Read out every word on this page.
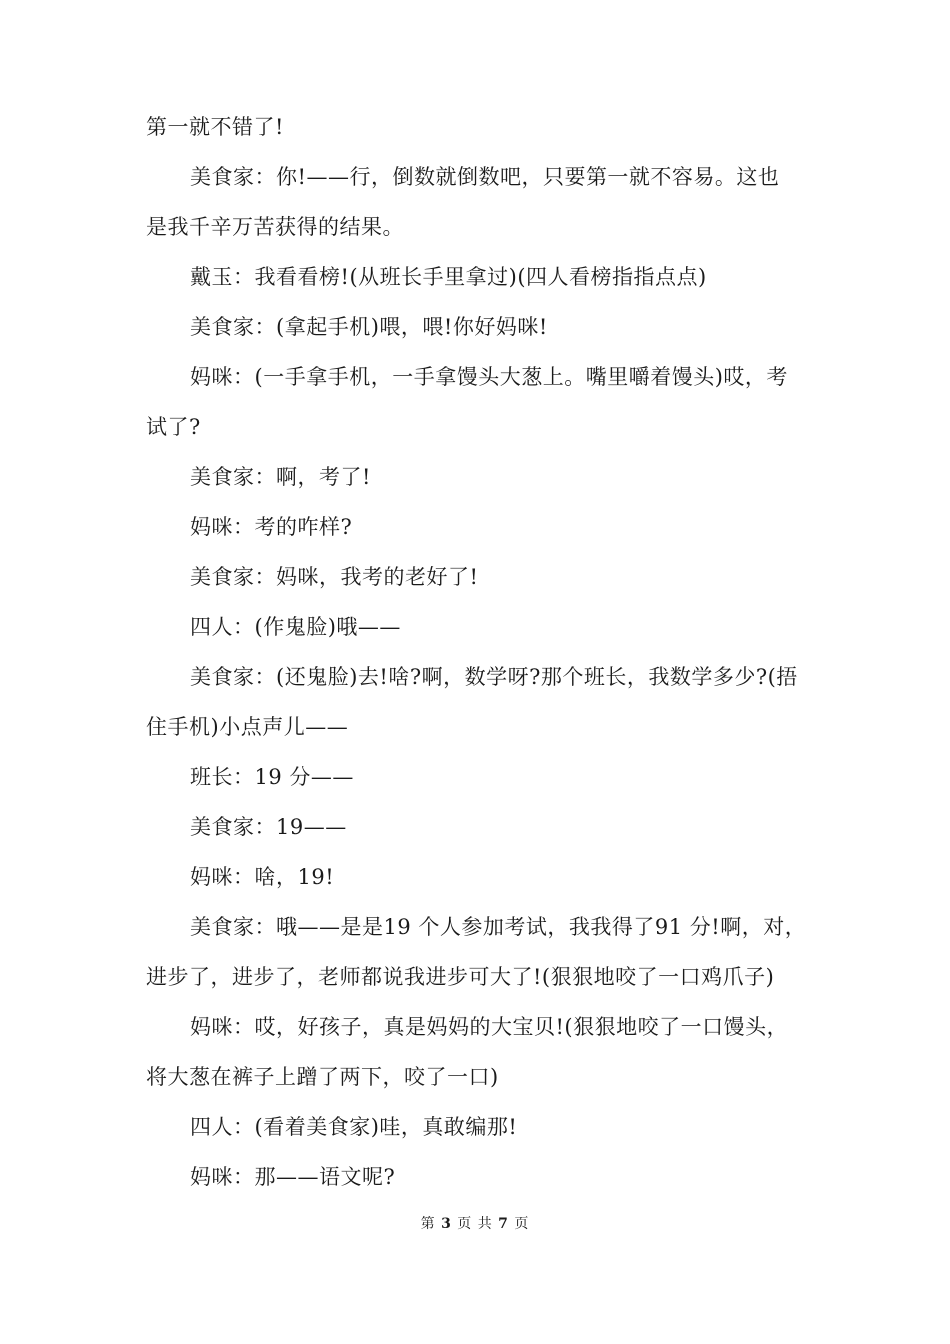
第一就不错了!
美食家：你!——行，倒数就倒数吧，只要第一就不容易。这也
是我千辛万苦获得的结果。
戴玉：我看看榜!(从班长手里拿过)(四人看榜指指点点)
美食家：(拿起手机)喂，喂!你好妈咪!
妈咪：(一手拿手机，一手拿馒头大葱上。嘴里嚼着馒头)哎，考
试了?
美食家：啊，考了!
妈咪：考的咋样?
美食家：妈咪，我考的老好了!
四人：(作鬼脸)哦——
美食家：(还鬼脸)去!啥?啊，数学呀?那个班长，我数学多少?(捂
住手机)小点声儿——
班长：19 分——
美食家：19——
妈咪：啥，19!
美食家：哦——是是19 个人参加考试，我我得了91 分!啊，对，
进步了，进步了，老师都说我进步可大了!(狠狠地咬了一口鸡爪子)
妈咪：哎，好孩子，真是妈妈的大宝贝!(狠狠地咬了一口馒头，
将大葱在裤子上蹭了两下，咬了一口)
四人：(看着美食家)哇，真敢编那!
妈咪：那——语文呢?
第 3 页 共 7 页
